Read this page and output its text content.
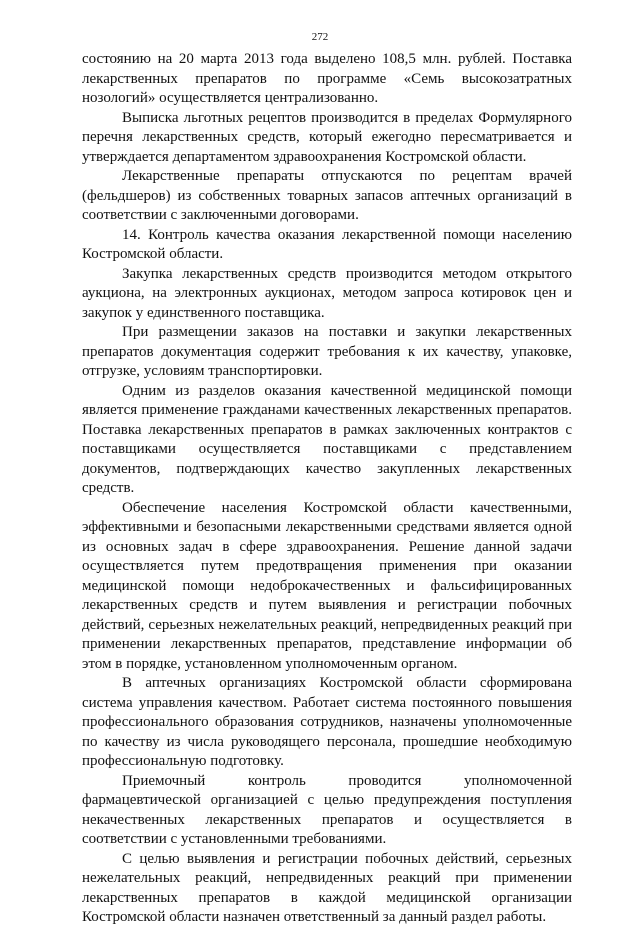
272

состоянию на 20 марта 2013 года выделено 108,5 млн. рублей. Поставка лекарственных препаратов по программе «Семь высокозатратных нозологий» осуществляется централизованно.

Выписка льготных рецептов производится в пределах Формулярного перечня лекарственных средств, который ежегодно пересматривается и утверждается департаментом здравоохранения Костромской области.

Лекарственные препараты отпускаются по рецептам врачей (фельдшеров) из собственных товарных запасов аптечных организаций в соответствии с заключенными договорами.

14. Контроль качества оказания лекарственной помощи населению Костромской области.

Закупка лекарственных средств производится методом открытого аукциона, на электронных аукционах, методом запроса котировок цен и закупок у единственного поставщика.

При размещении заказов на поставки и закупки лекарственных препаратов документация содержит требования к их качеству, упаковке, отгрузке, условиям транспортировки.

Одним из разделов оказания качественной медицинской помощи является применение гражданами качественных лекарственных препаратов. Поставка лекарственных препаратов в рамках заключенных контрактов с поставщиками осуществляется поставщиками с представлением документов, подтверждающих качество закупленных лекарственных средств.

Обеспечение населения Костромской области качественными, эффективными и безопасными лекарственными средствами является одной из основных задач в сфере здравоохранения. Решение данной задачи осуществляется путем предотвращения применения при оказании медицинской помощи недоброкачественных и фальсифицированных лекарственных средств и путем выявления и регистрации побочных действий, серьезных нежелательных реакций, непредвиденных реакций при применении лекарственных препаратов, представление информации об этом в порядке, установленном уполномоченным органом.

В аптечных организациях Костромской области сформирована система управления качеством. Работает система постоянного повышения профессионального образования сотрудников, назначены уполномоченные по качеству из числа руководящего персонала, прошедшие необходимую профессиональную подготовку.

Приемочный контроль проводится уполномоченной фармацевтической организацией с целью предупреждения поступления некачественных лекарственных препаратов и осуществляется в соответствии с установленными требованиями.

С целью выявления и регистрации побочных действий, серьезных нежелательных реакций, непредвиденных реакций при применении лекарственных препаратов в каждой медицинской организации Костромской области назначен ответственный за данный раздел работы.
